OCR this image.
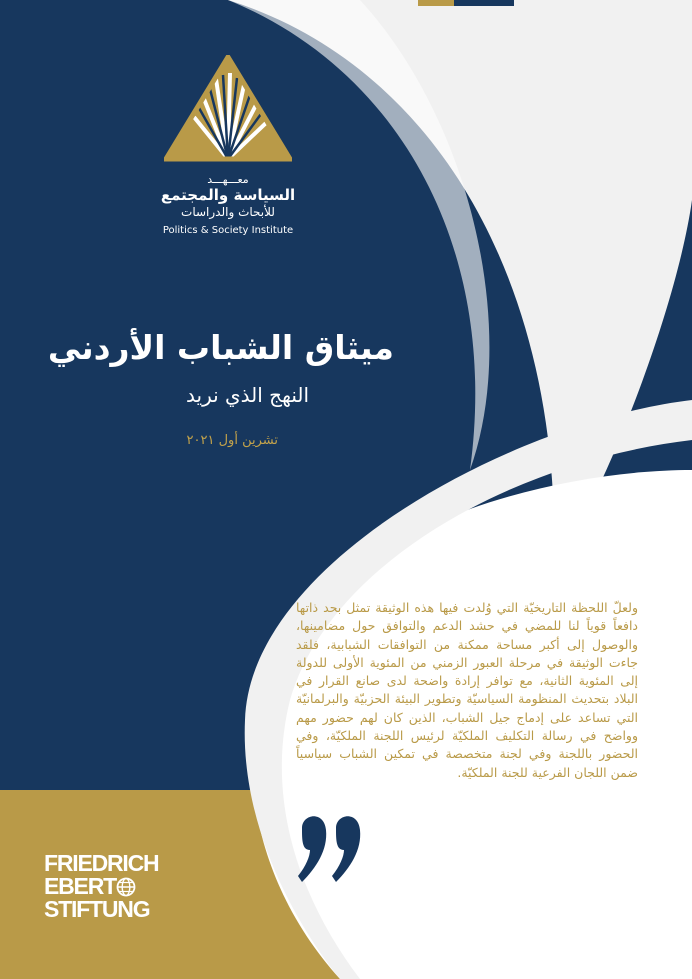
معـــهـــد
السياسة والمجتمع
للأبحاث والدراسات
Politics & Society Institute
ميثاق الشباب الأردني
النهج الذي نريد
تشرين أول ٢٠٢١
ولعلّ اللحظة التاريخيّة التي وُلدت فيها هذه الوثيقة تمثل بحد ذاتها دافعاً قوياً لنا للمضي في حشد الدعم والتوافق حول مضامينها، والوصول إلى أكبر مساحة ممكنة من التوافقات الشبابية، فلقد جاءت الوثيقة في مرحلة العبور الزمني من المئوية الأولى للدولة إلى المئوية الثانية، مع توافر إرادة واضحة لدى صانع القرار في البلاد بتحديث المنظومة السياسيّة وتطوير البيئة الحزبيّة والبرلمانيّة التي تساعد على إدماج جيل الشباب، الذين كان لهم حضور مهم وواضح في رسالة التكليف الملكيّة لرئيس اللجنة الملكيّة، وفي الحضور باللجنة وفي لجنة متخصصة في تمكين الشباب سياسياً ضمن اللجان الفرعية للجنة الملكيّة.
FRIEDRICH
EBERT
STIFTUNG
